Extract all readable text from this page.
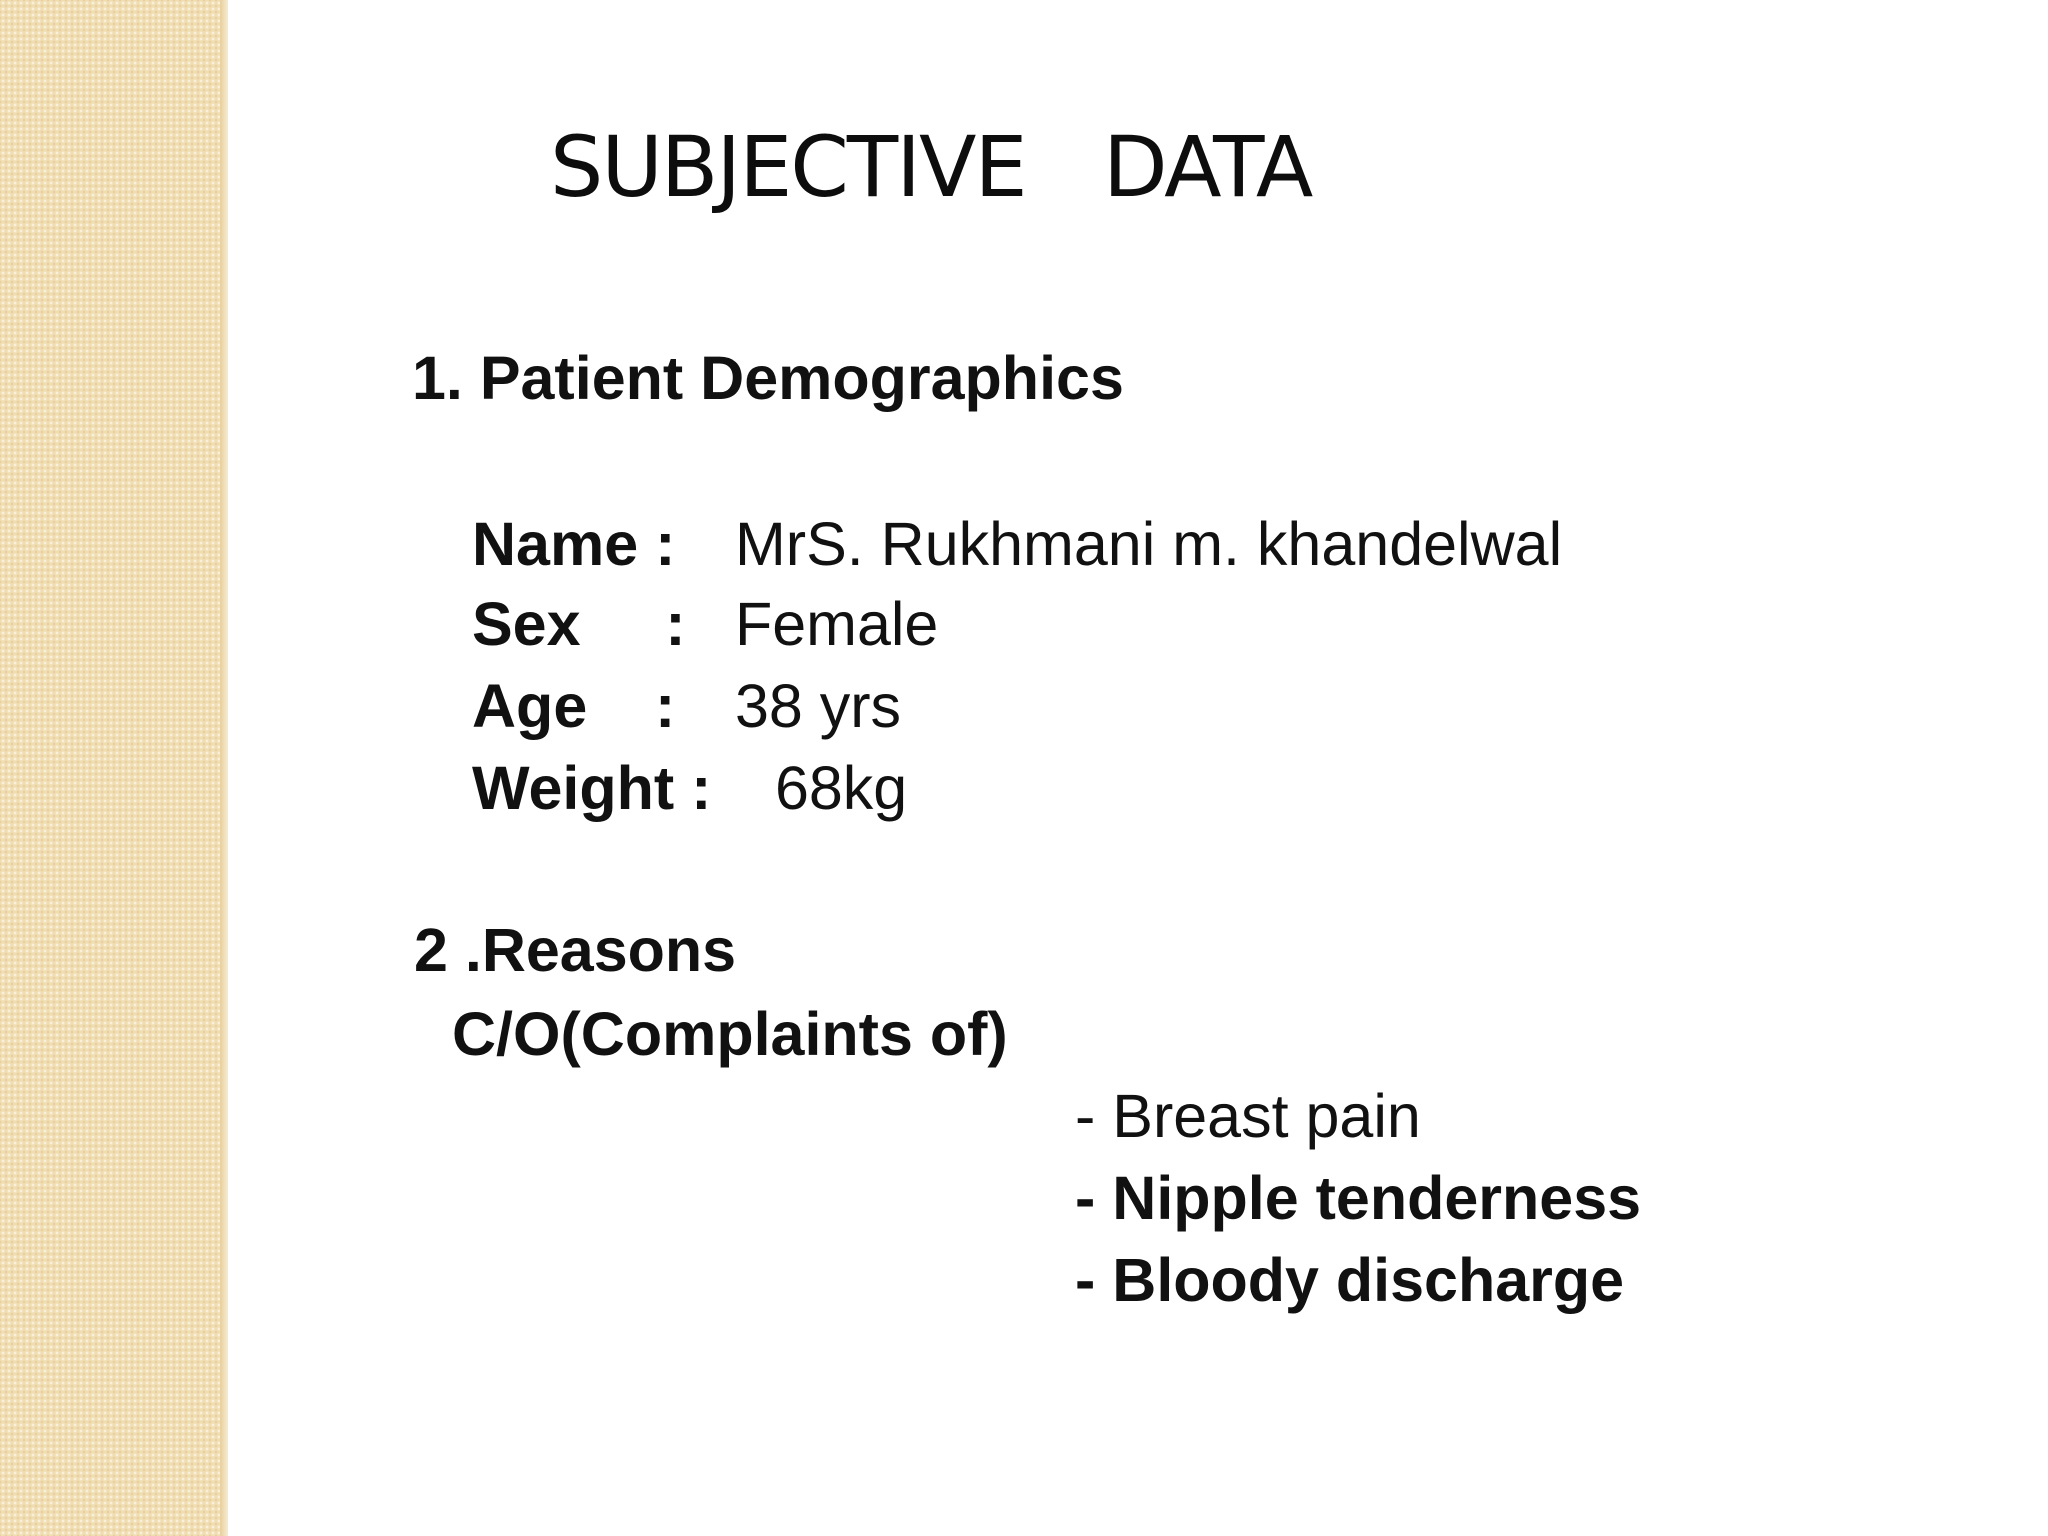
SUBJECTIVE  DATA
1. Patient Demographics
Name : MrS. Rukhmani m. khandelwal
Sex     : Female
Age    : 38 yrs
Weight : 68kg
2 .Reasons
C/O(Complaints of)
- Breast pain
- Nipple tenderness
- Bloody discharge
